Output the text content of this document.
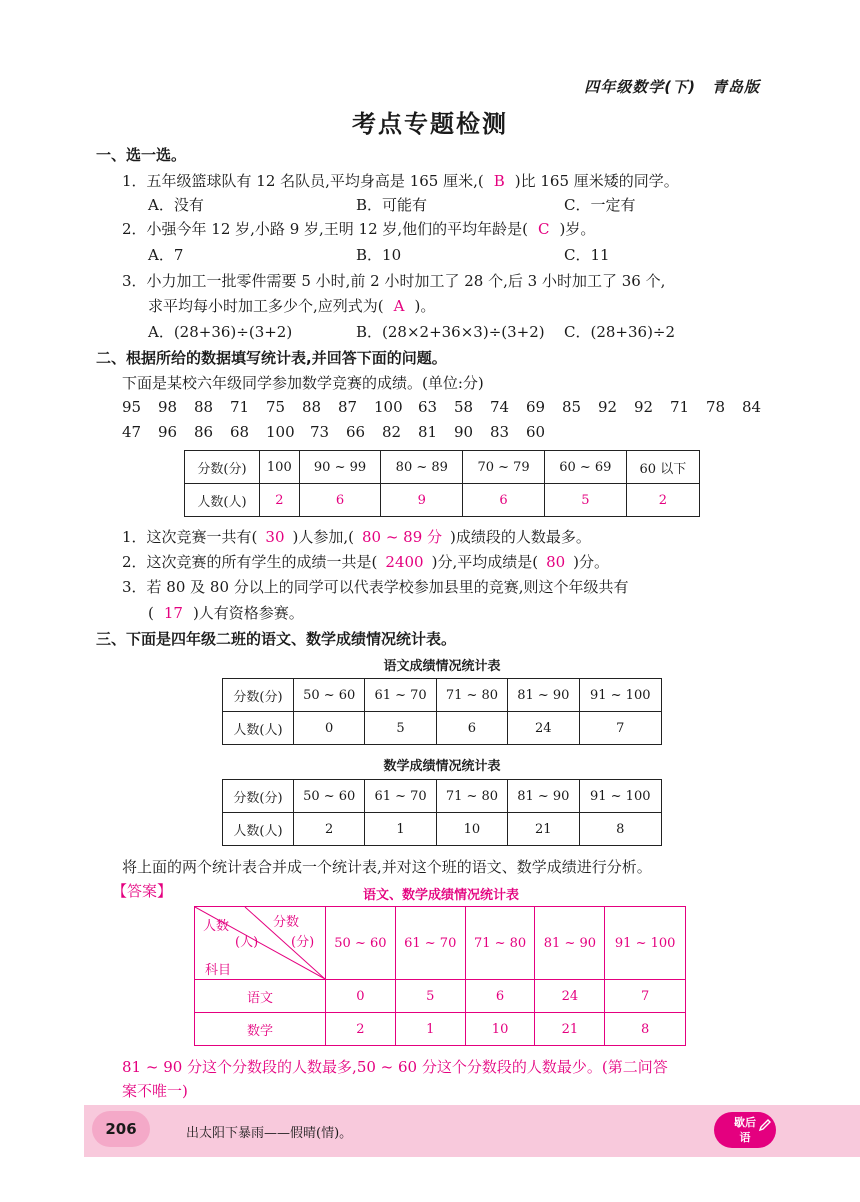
四年级数学(下)　青岛版
考点专题检测
一、选一选。
1．五年级篮球队有 12 名队员,平均身高是 165 厘米,( B )比 165 厘米矮的同学。
A．没有	B．可能有	C．一定有
2．小强今年 12 岁,小路 9 岁,王明 12 岁,他们的平均年龄是( C )岁。
A．7	B．10	C．11
3．小力加工一批零件需要 5 小时,前 2 小时加工了 28 个,后 3 小时加工了 36 个,
求平均每小时加工多少个,应列式为( A )。
A．(28+36)÷(3+2)	B．(28×2+36×3)÷(3+2) C．(28+36)÷2
二、根据所给的数据填写统计表,并回答下面的问题。
下面是某校六年级同学参加数学竞赛的成绩。(单位:分)
95 98 88 71 75 88 87 100 63 58 74 69 85 92 92 71 78 84
47 96 86 68 100 73 66 82 81 90 83 60
分数(分)	100	90 ~ 99	80 ~ 89	70 ~ 79	60 ~ 69	60 以下
人数(人)	2	6	9	6	5	2
1．这次竞赛一共有( 30 )人参加,( 80 ~ 89 分 )成绩段的人数最多。
2．这次竞赛的所有学生的成绩一共是( 2400 )分,平均成绩是( 80 )分。
3．若 80 及 80 分以上的同学可以代表学校参加县里的竞赛,则这个年级共有
( 17 )人有资格参赛。
三、下面是四年级二班的语文、数学成绩情况统计表。
语文成绩情况统计表
分数(分)	50 ~ 60	61 ~ 70	71 ~ 80	81 ~ 90	91 ~ 100
人数(人)	0	5	6	24	7
数学成绩情况统计表
分数(分)	50 ~ 60	61 ~ 70	71 ~ 80	81 ~ 90	91 ~ 100
人数(人)	2	1	10	21	8
将上面的两个统计表合并成一个统计表,并对这个班的语文、数学成绩进行分析。
【答案】	语文、数学成绩情况统计表
人数
(人)
分数
(分)
科目	50 ~ 60	61 ~ 70	71 ~ 80	81 ~ 90	91 ~ 100
语文	0	5	6	24	7
数学	2	1	10	21	8
81 ~ 90 分这个分数段的人数最多,50 ~ 60 分这个分数段的人数最少。(第二问答
案不唯一)
206	出太阳下暴雨——假晴(情)。
歇后
语
